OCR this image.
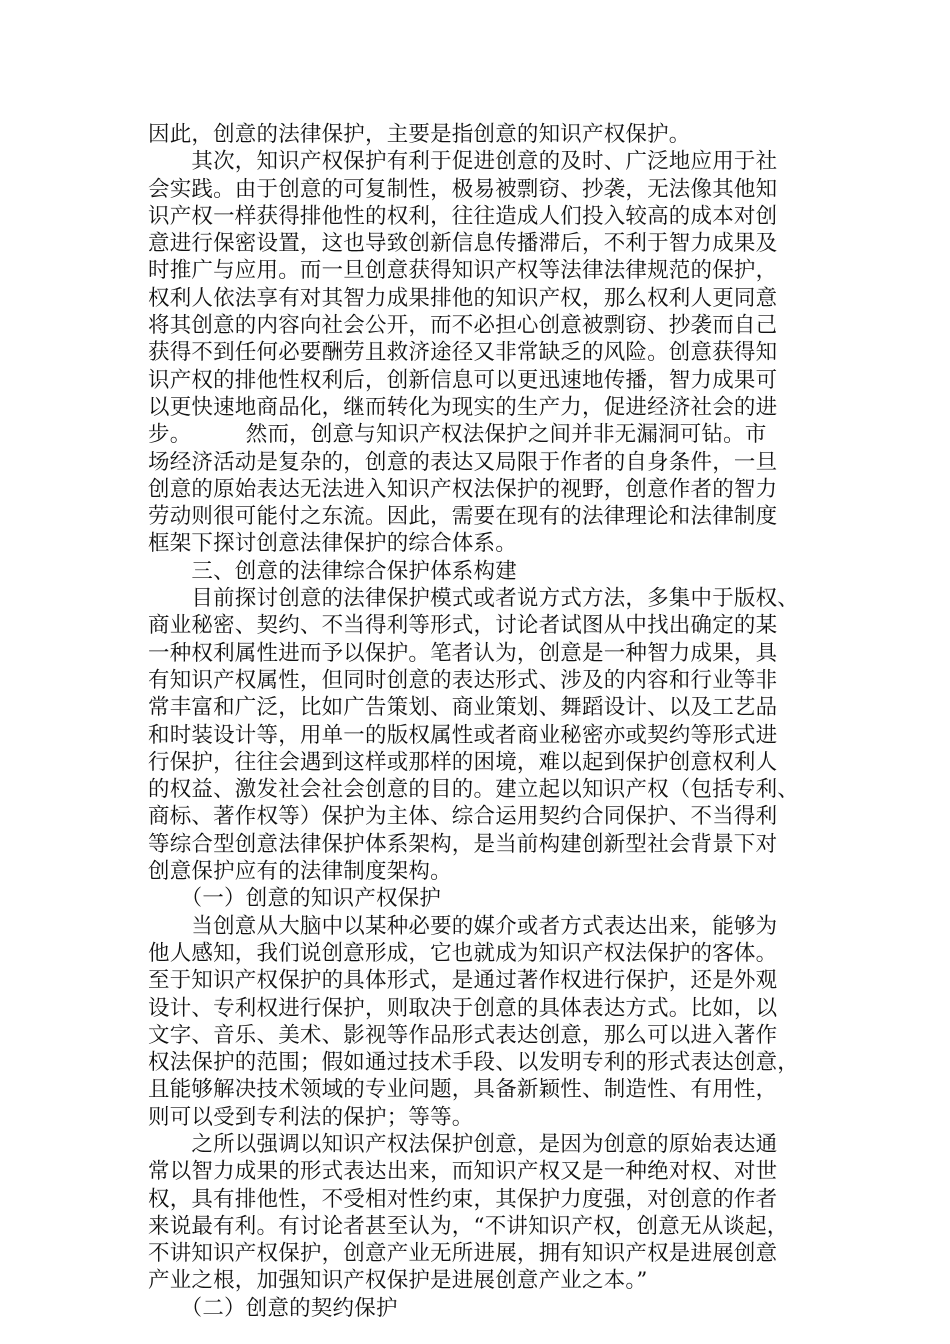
因此，创意的法律保护，主要是指创意的知识产权保护。
　　其次，知识产权保护有利于促进创意的及时、广泛地应用于社
会实践。由于创意的可复制性，极易被剽窃、抄袭，无法像其他知
识产权一样获得排他性的权利，往往造成人们投入较高的成本对创
意进行保密设置，这也导致创新信息传播滞后，不利于智力成果及
时推广与应用。而一旦创意获得知识产权等法律法律规范的保护，
权利人依法享有对其智力成果排他的知识产权，那么权利人更同意
将其创意的内容向社会公开，而不必担心创意被剽窃、抄袭而自己
获得不到任何必要酬劳且救济途径又非常缺乏的风险。创意获得知
识产权的排他性权利后，创新信息可以更迅速地传播，智力成果可
以更快速地商品化，继而转化为现实的生产力，促进经济社会的进
步。　　　然而，创意与知识产权法保护之间并非无漏洞可钻。市
场经济活动是复杂的，创意的表达又局限于作者的自身条件，一旦
创意的原始表达无法进入知识产权法保护的视野，创意作者的智力
劳动则很可能付之东流。因此，需要在现有的法律理论和法律制度
框架下探讨创意法律保护的综合体系。
　　三、创意的法律综合保护体系构建
　　目前探讨创意的法律保护模式或者说方式方法，多集中于版权、
商业秘密、契约、不当得利等形式，讨论者试图从中找出确定的某
一种权利属性进而予以保护。笔者认为，创意是一种智力成果，具
有知识产权属性，但同时创意的表达形式、涉及的内容和行业等非
常丰富和广泛，比如广告策划、商业策划、舞蹈设计、以及工艺品
和时装设计等，用单一的版权属性或者商业秘密亦或契约等形式进
行保护，往往会遇到这样或那样的困境，难以起到保护创意权利人
的权益、激发社会社会创意的目的。建立起以知识产权（包括专利、
商标、著作权等）保护为主体、综合运用契约合同保护、不当得利
等综合型创意法律保护体系架构，是当前构建创新型社会背景下对
创意保护应有的法律制度架构。
　　（一）创意的知识产权保护
　　当创意从大脑中以某种必要的媒介或者方式表达出来，能够为
他人感知，我们说创意形成，它也就成为知识产权法保护的客体。
至于知识产权保护的具体形式，是通过著作权进行保护，还是外观
设计、专利权进行保护，则取决于创意的具体表达方式。比如，以
文字、音乐、美术、影视等作品形式表达创意，那么可以进入著作
权法保护的范围；假如通过技术手段、以发明专利的形式表达创意，
且能够解决技术领域的专业问题，具备新颖性、制造性、有用性，
则可以受到专利法的保护；等等。
　　之所以强调以知识产权法保护创意，是因为创意的原始表达通
常以智力成果的形式表达出来，而知识产权又是一种绝对权、对世
权，具有排他性，不受相对性约束，其保护力度强，对创意的作者
来说最有利。有讨论者甚至认为，“不讲知识产权，创意无从谈起，
不讲知识产权保护，创意产业无所进展，拥有知识产权是进展创意
产业之根，加强知识产权保护是进展创意产业之本。”
　　（二）创意的契约保护
